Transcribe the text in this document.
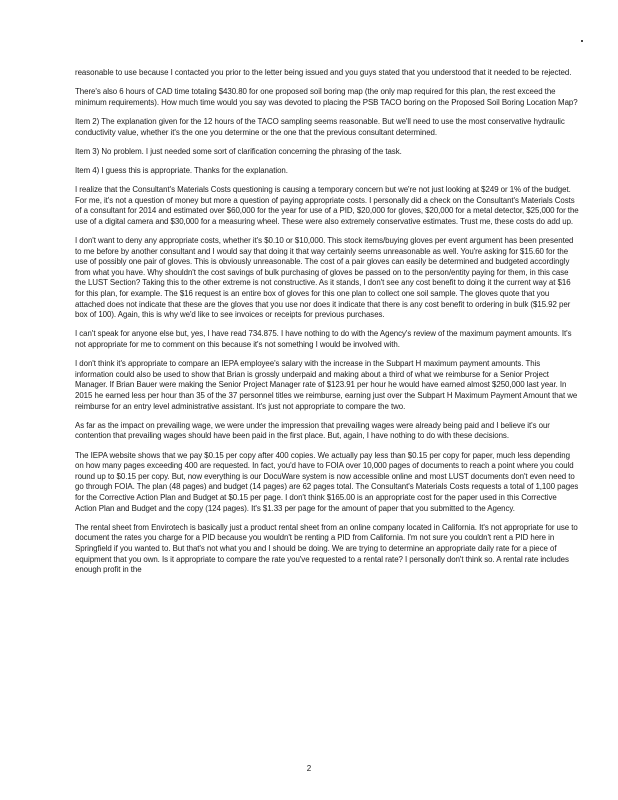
reasonable to use because I contacted you prior to the letter being issued and you guys stated that you understood that it needed to be rejected.

There's also 6 hours of CAD time totaling $430.80 for one proposed soil boring map (the only map required for this plan, the rest exceed the minimum requirements). How much time would you say was devoted to placing the PSB TACO boring on the Proposed Soil Boring Location Map?

Item 2) The explanation given for the 12 hours of the TACO sampling seems reasonable. But we'll need to use the most conservative hydraulic conductivity value, whether it's the one you determine or the one that the previous consultant determined.

Item 3) No problem. I just needed some sort of clarification concerning the phrasing of the task.

Item 4) I guess this is appropriate. Thanks for the explanation.

I realize that the Consultant's Materials Costs questioning is causing a temporary concern but we're not just looking at $249 or 1% of the budget. For me, it's not a question of money but more a question of paying appropriate costs. I personally did a check on the Consultant's Materials Costs of a consultant for 2014 and estimated over $60,000 for the year for use of a PID, $20,000 for gloves, $20,000 for a metal detector, $25,000 for the use of a digital camera and $30,000 for a measuring wheel. These were also extremely conservative estimates. Trust me, these costs do add up.

I don't want to deny any appropriate costs, whether it's $0.10 or $10,000. This stock items/buying gloves per event argument has been presented to me before by another consultant and I would say that doing it that way certainly seems unreasonable as well. You're asking for $15.60 for the use of possibly one pair of gloves. This is obviously unreasonable. The cost of a pair gloves can easily be determined and budgeted accordingly from what you have. Why shouldn't the cost savings of bulk purchasing of gloves be passed on to the person/entity paying for them, in this case the LUST Section? Taking this to the other extreme is not constructive. As it stands, I don't see any cost benefit to doing it the current way at $16 for this plan, for example. The $16 request is an entire box of gloves for this one plan to collect one soil sample. The gloves quote that you attached does not indicate that these are the gloves that you use nor does it indicate that there is any cost benefit to ordering in bulk ($15.92 per box of 100). Again, this is why we'd like to see invoices or receipts for previous purchases.

I can't speak for anyone else but, yes, I have read 734.875. I have nothing to do with the Agency's review of the maximum payment amounts. It's not appropriate for me to comment on this because it's not something I would be involved with.

I don't think it's appropriate to compare an IEPA employee's salary with the increase in the Subpart H maximum payment amounts. This information could also be used to show that Brian is grossly underpaid and making about a third of what we reimburse for a Senior Project Manager. If Brian Bauer were making the Senior Project Manager rate of $123.91 per hour he would have earned almost $250,000 last year. In 2015 he earned less per hour than 35 of the 37 personnel titles we reimburse, earning just over the Subpart H Maximum Payment Amount that we reimburse for an entry level administrative assistant. It's just not appropriate to compare the two.

As far as the impact on prevailing wage, we were under the impression that prevailing wages were already being paid and I believe it's our contention that prevailing wages should have been paid in the first place. But, again, I have nothing to do with these decisions.

The IEPA website shows that we pay $0.15 per copy after 400 copies. We actually pay less than $0.15 per copy for paper, much less depending on how many pages exceeding 400 are requested. In fact, you'd have to FOIA over 10,000 pages of documents to reach a point where you could round up to $0.15 per copy. But, now everything is our DocuWare system is now accessible online and most LUST documents don't even need to go through FOIA. The plan (48 pages) and budget (14 pages) are 62 pages total. The Consultant's Materials Costs requests a total of 1,100 pages for the Corrective Action Plan and Budget at $0.15 per page. I don't think $165.00 is an appropriate cost for the paper used in this Corrective Action Plan and Budget and the copy (124 pages). It's $1.33 per page for the amount of paper that you submitted to the Agency.

The rental sheet from Envirotech is basically just a product rental sheet from an online company located in California. It's not appropriate for use to document the rates you charge for a PID because you wouldn't be renting a PID from California. I'm not sure you couldn't rent a PID here in Springfield if you wanted to. But that's not what you and I should be doing. We are trying to determine an appropriate daily rate for a piece of equipment that you own. Is it appropriate to compare the rate you've requested to a rental rate? I personally don't think so. A rental rate includes enough profit in the

2
